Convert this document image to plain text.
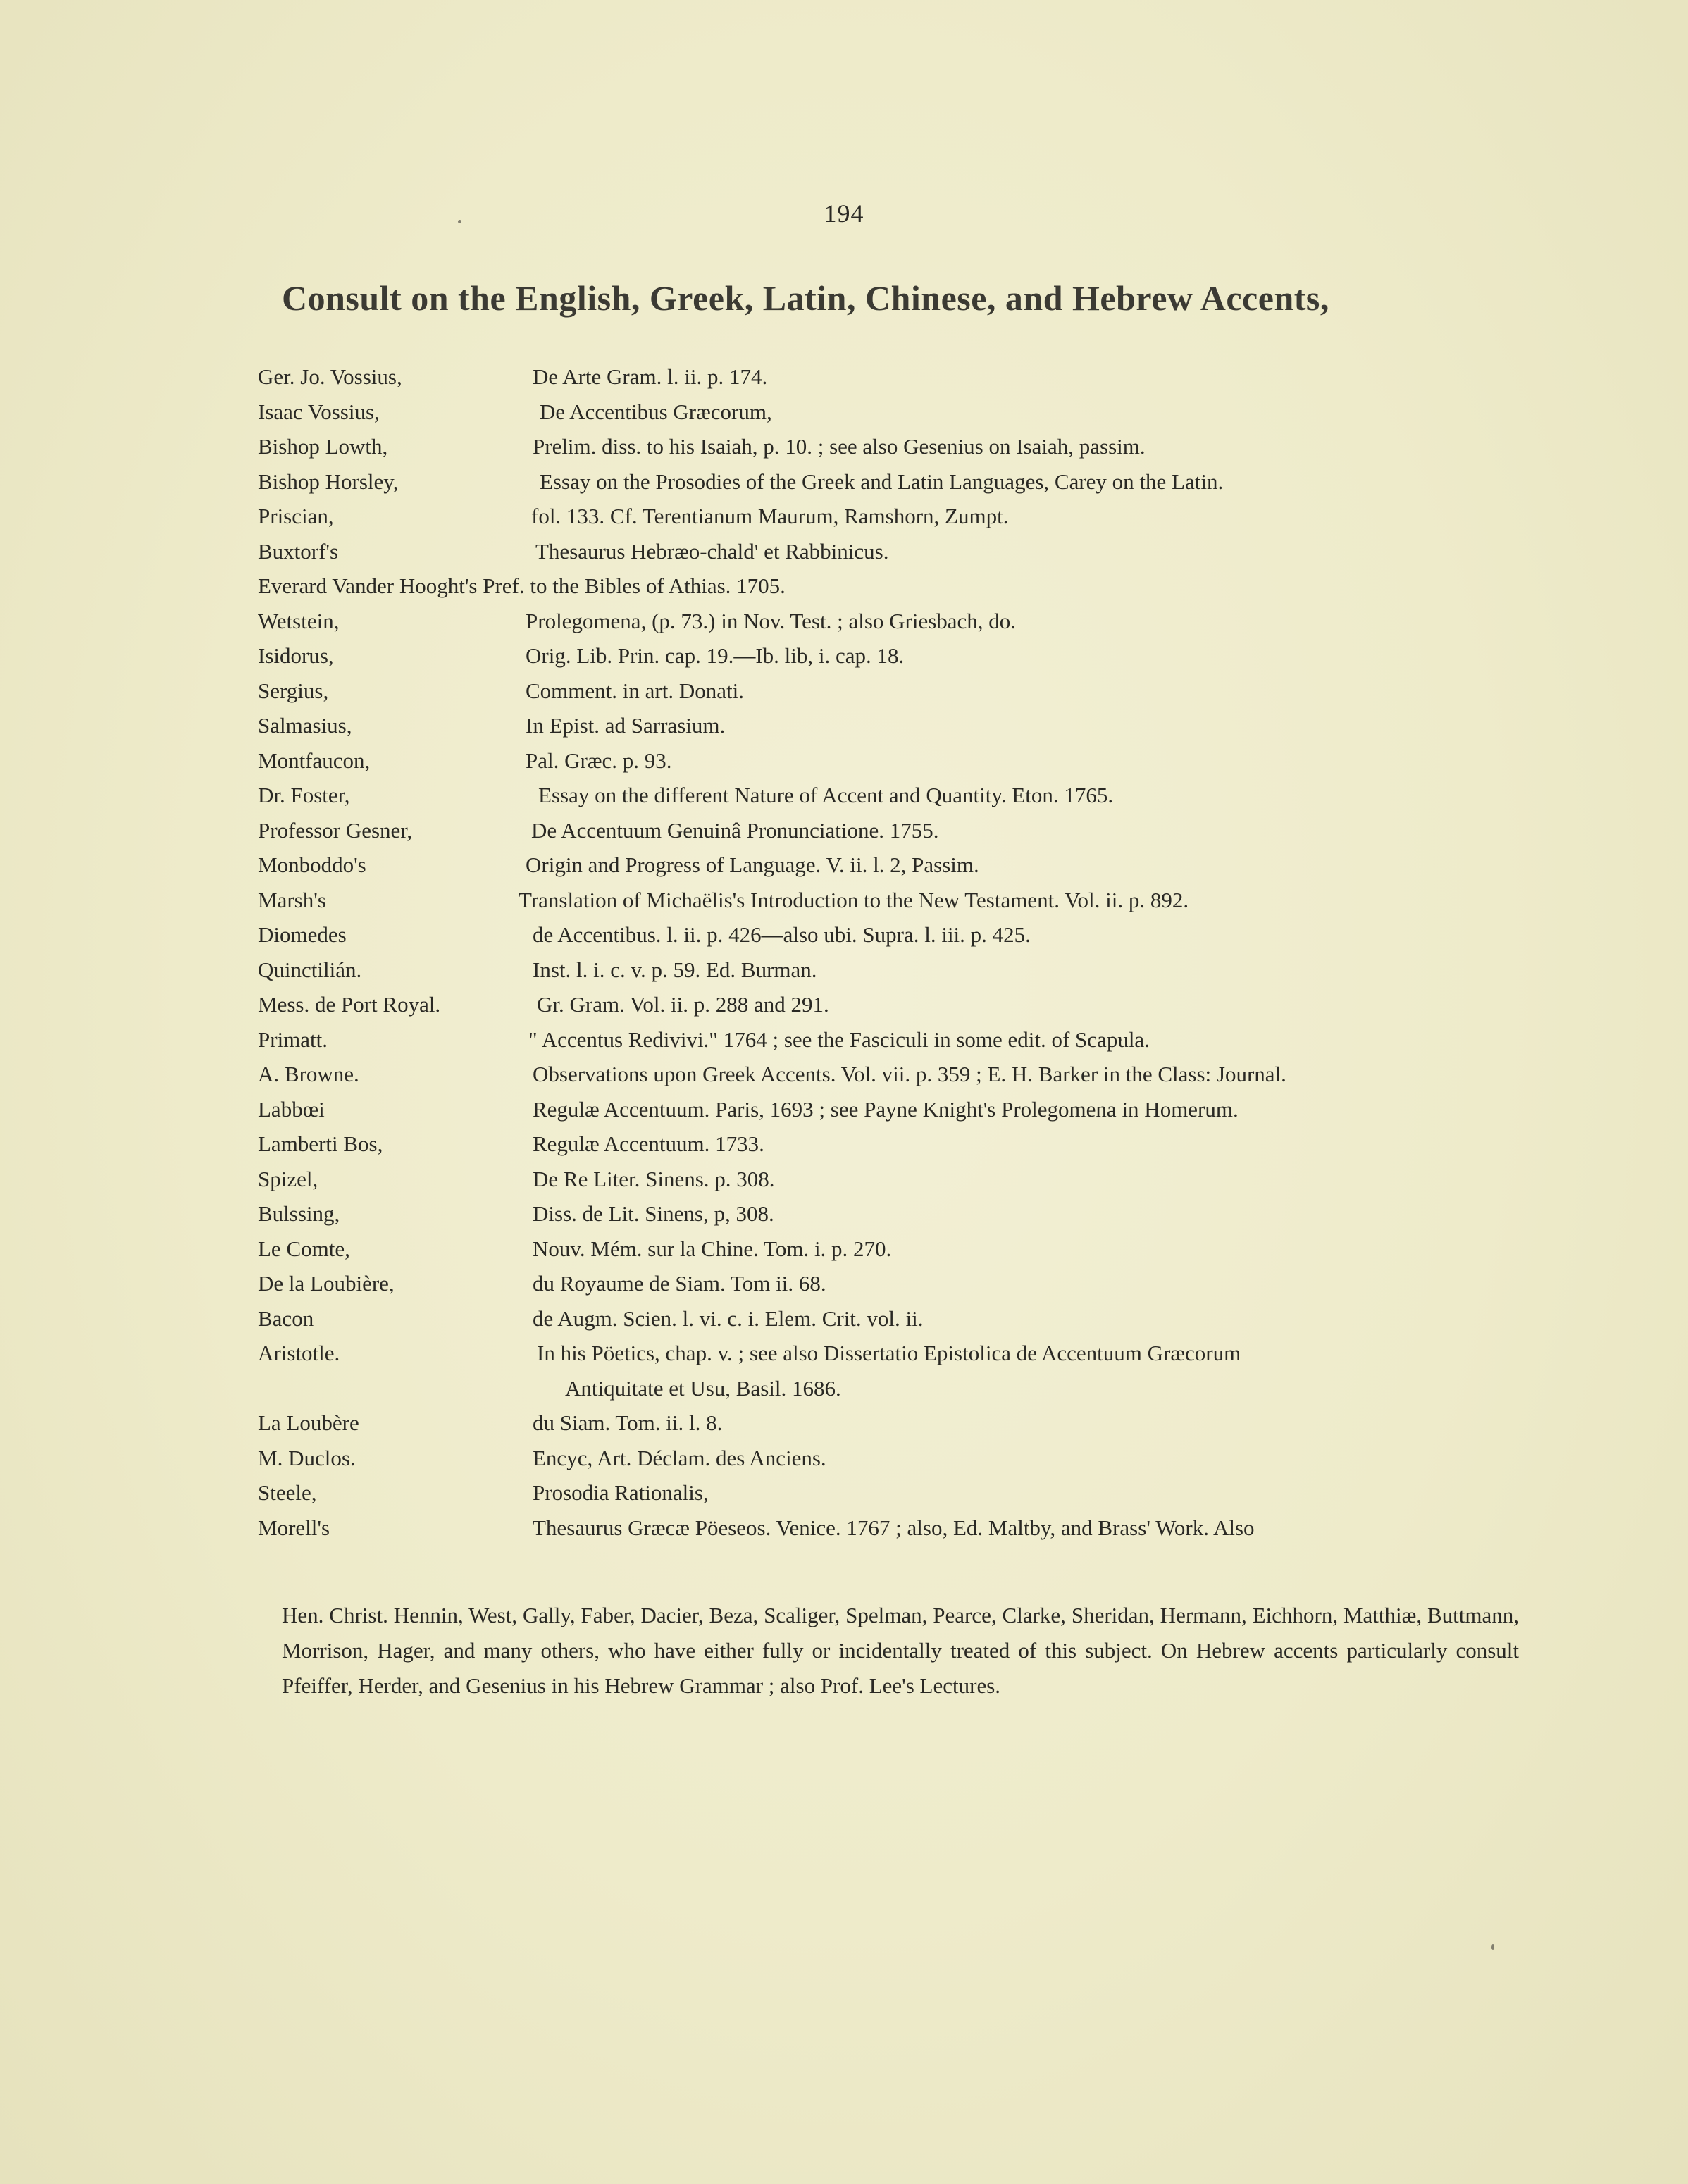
194
Consult on the English, Greek, Latin, Chinese, and Hebrew Accents,
Ger. Jo. Vossius,	De Arte Gram. l. ii. p. 174.
Isaac Vossius,	De Accentibus Græcorum,
Bishop Lowth,	Prelim. diss. to his Isaiah, p. 10. ; see also Gesenius on Isaiah, passim.
Bishop Horsley,	Essay on the Prosodies of the Greek and Latin Languages, Carey on the Latin.
Priscian,	fol. 133. Cf. Terentianum Maurum, Ramshorn, Zumpt.
Buxtorf's	Thesaurus Hebræo-chald' et Rabbinicus.
Everard Vander Hooght's Pref. to the Bibles of Athias. 1705.
Wetstein,	Prolegomena, (p. 73.) in Nov. Test. ; also Griesbach, do.
Isidorus,	Orig. Lib. Prin. cap. 19.—Ib. lib, i. cap. 18.
Sergius,	Comment. in art. Donati.
Salmasius,	In Epist. ad Sarrasium.
Montfaucon,	Pal. Græc. p. 93.
Dr. Foster,	Essay on the different Nature of Accent and Quantity. Eton. 1765.
Professor Gesner,	De Accentuum Genuinâ Pronunciatione. 1755.
Monboddo's	Origin and Progress of Language. V. ii. l. 2, Passim.
Marsh's	Translation of Michaëlis's Introduction to the New Testament. Vol. ii. p. 892.
Diomedes	de Accentibus. l. ii. p. 426—also ubi. Supra. l. iii. p. 425.
Quinctilián.	Inst. l. i. c. v. p. 59. Ed. Burman.
Mess. de Port Royal.	Gr. Gram. Vol. ii. p. 288 and 291.
Primatt.	" Accentus Redivivi." 1764 ; see the Fasciculi in some edit. of Scapula.
A. Browne.	Observations upon Greek Accents. Vol. vii. p. 359 ; E. H. Barker in the Class: Journal.
Labbœi	Regulæ Accentuum. Paris, 1693 ; see Payne Knight's Prolegomena in Homerum.
Lamberti Bos,	Regulæ Accentuum. 1733.
Spizel,	De Re Liter. Sinens. p. 308.
Bulssing,	Diss. de Lit. Sinens, p, 308.
Le Comte,	Nouv. Mém. sur la Chine. Tom. i. p. 270.
De la Loubière,	du Royaume de Siam. Tom ii. 68.
Bacon	de Augm. Scien. l. vi. c. i. Elem. Crit. vol. ii.
Aristotle.	In his Pöetics, chap. v. ; see also Dissertatio Epistolica de Accentuum Græcorum
Antiquitate et Usu, Basil. 1686.
La Loubère	du Siam. Tom. ii. l. 8.
M. Duclos.	Encyc, Art. Déclam. des Anciens.
Steele,	Prosodia Rationalis,
Morell's	Thesaurus Græcæ Pöeseos. Venice. 1767 ; also, Ed. Maltby, and Brass' Work. Also
Hen. Christ. Hennin, West, Gally, Faber, Dacier, Beza, Scaliger, Spelman, Pearce, Clarke, Sheridan, Hermann, Eichhorn, Matthiæ, Buttmann, Morrison, Hager, and many others, who have either fully or incidentally treated of this subject. On Hebrew accents particularly consult Pfeiffer, Herder, and Gesenius in his Hebrew Grammar ; also Prof. Lee's Lectures.
